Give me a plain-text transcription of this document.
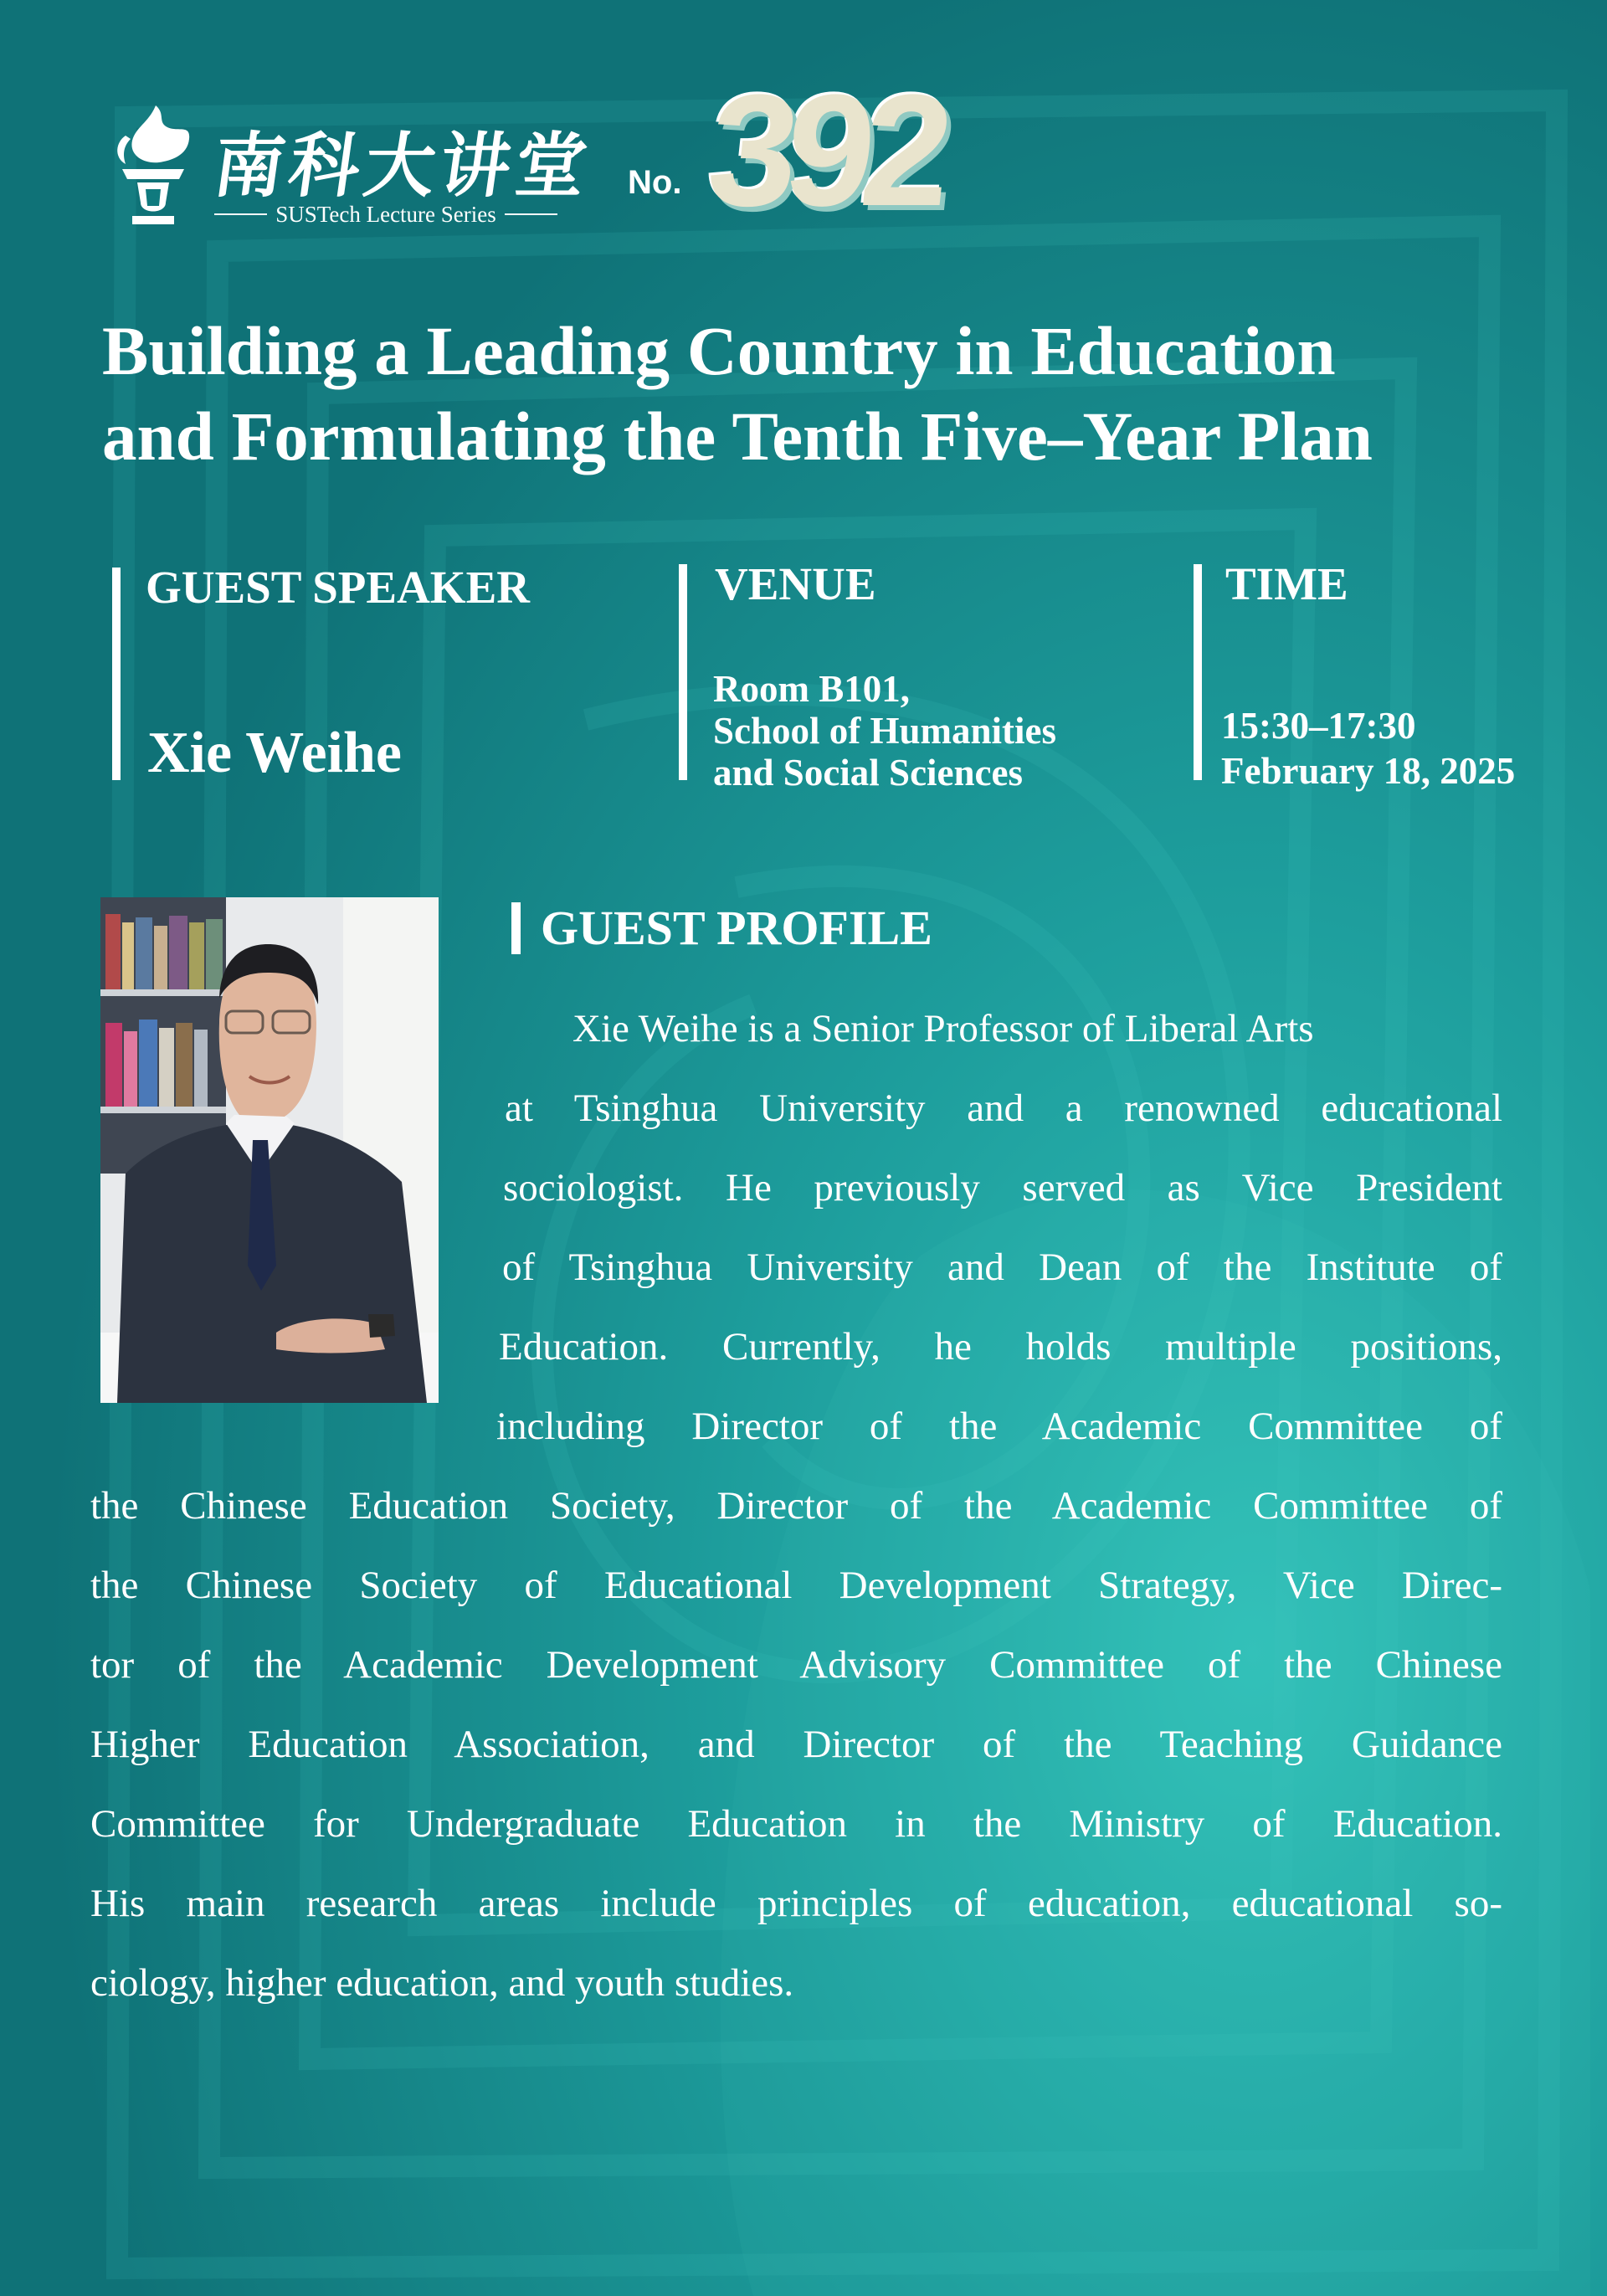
南科大讲堂
SUSTech Lecture Series
No. 392
Building a Leading Country in Education
and Formulating the Tenth Five–Year Plan
GUEST SPEAKER
Xie Weihe
VENUE
Room B101,
School of Humanities
and Social Sciences
TIME
15:30–17:30
February 18, 2025
GUEST PROFILE
Xie Weihe is a Senior Professor of Liberal Arts
at Tsinghua University and a renowned educational
sociologist. He previously served as Vice President
of Tsinghua University and Dean of the Institute of
Education. Currently, he holds multiple positions,
including Director of the Academic Committee of
the Chinese Education Society, Director of the Academic Committee of
the Chinese Society of Educational Development Strategy, Vice Direc-
tor of the Academic Development Advisory Committee of the Chinese
Higher Education Association, and Director of the Teaching Guidance
Committee for Undergraduate Education in the Ministry of Education.
His main research areas include principles of education, educational so-
ciology, higher education, and youth studies.
